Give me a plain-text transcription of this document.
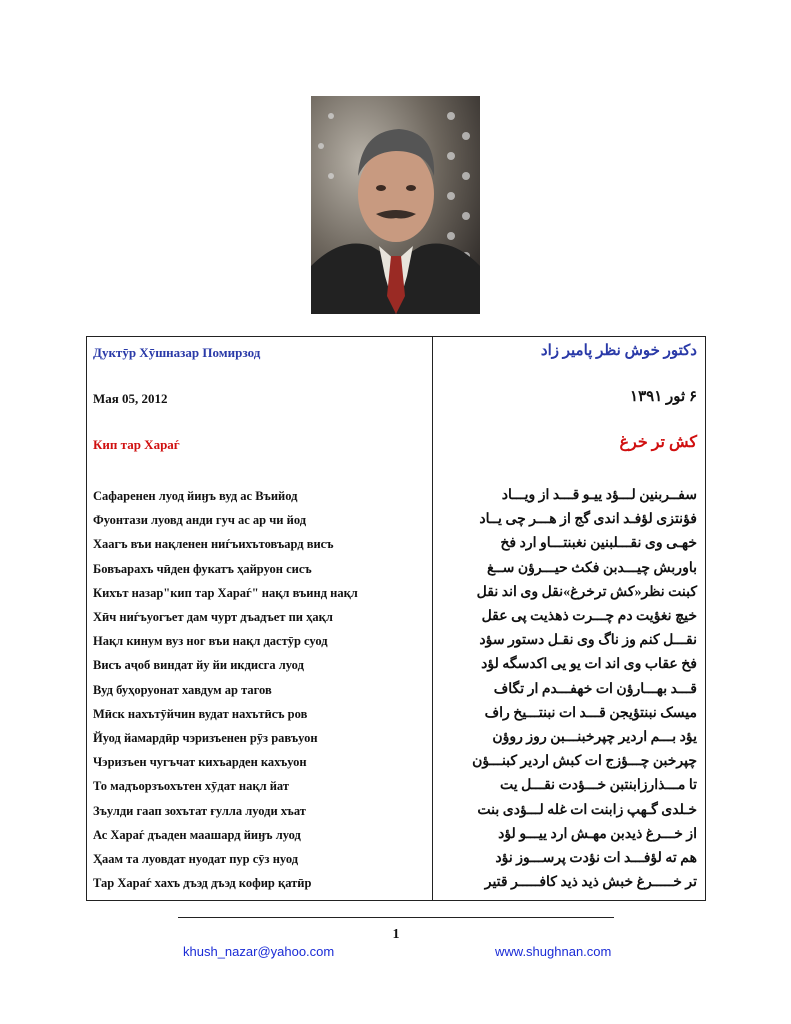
Дуктӯр Хӯшназар Помирзод
Мая 05, 2012
Кип тар Хараѓ
Сафаренен луод йиӈъ вуд ас Въийод
Фуонтази луовд анди гуч ас ар чи йод
Хаагъ въи нақленен ниѓъихътовъард висъ
Бовъарахъ чӣден фукатъ ҳайруон сисъ
Кихът назар"кип тар Хараѓ" нақл въинд нақл
Хӣч ниѓъуогъет дам чурт дъадъет пи ҳақл
Нақл кинум вуз ног въи нақл дастӯр суод
Висъ аҷоб виндат йу йи икдисга луод
Вуд буҳоруонат хавдум ар тагов
Мӣск нахътӯйчин вудат нахътӣсъ ров
Йуод йамардӣр чэризъенен рӯз равъуон
Чэризъен чугъчат кихъарден кахъуон
То мадъорзъохътен хӯдат нақл йат
Зъулди гаап зохътат ғулла луоди хъат
Ас Хараѓ дъаден маашард йиӈъ луод
Ҳаам та луовдат нуодат пур сӯз нуод
Тар Хараѓ хахъ дъэд дъэд кофир қатӣр
دکتور خوش نظر پامیر زاد
۶ ثور ۱۳۹۱
کش تر خرغ
سفــربنين لـــؤد ييـو قـــد از ويـــاد
فؤنتزی لؤفـد اندی گج از هـــر چی يــاد
خهـی وی نقـــلبنين نغبنتـــاو ارد فخ
باوربش چيـــدبن فکث حيـــرؤن ســغ
کبنت نظر«کش ترخرغ»نقل وی اند نقل
خيچ نغؤيت دم چـــرت ذهذيت پی عقل
نقـــل کنم وز ناگ وی نقـل دستور سؤد
فخ عقاب وی اند ات يو يی اکدسگه لؤد
قـــد بهـــارؤن ات خهفـــدم ار تگاف
ميسک نبنتؤيجن قـــد ات نبنتـــيخ راف
يؤد بـــم اردير چپرخبنـــبن روز روؤن
چپرخبن چـــؤزج ات کبش اردير کبنـــؤن
تا مـــذارزابنتبن خـــؤدت نقـــل يت
خـلدی گـهپ زابنت ات غله لـــؤدی بنت
از خـــرغ ذيدبن مهـش ارد ييـــو لؤد
هم ته لؤفـــد ات نؤدت پرســـوز نؤد
تر خـــــرغ خبش ذيد ذيد کافـــــر قتير
1
khush_nazar@yahoo.com	www.shughnan.com
